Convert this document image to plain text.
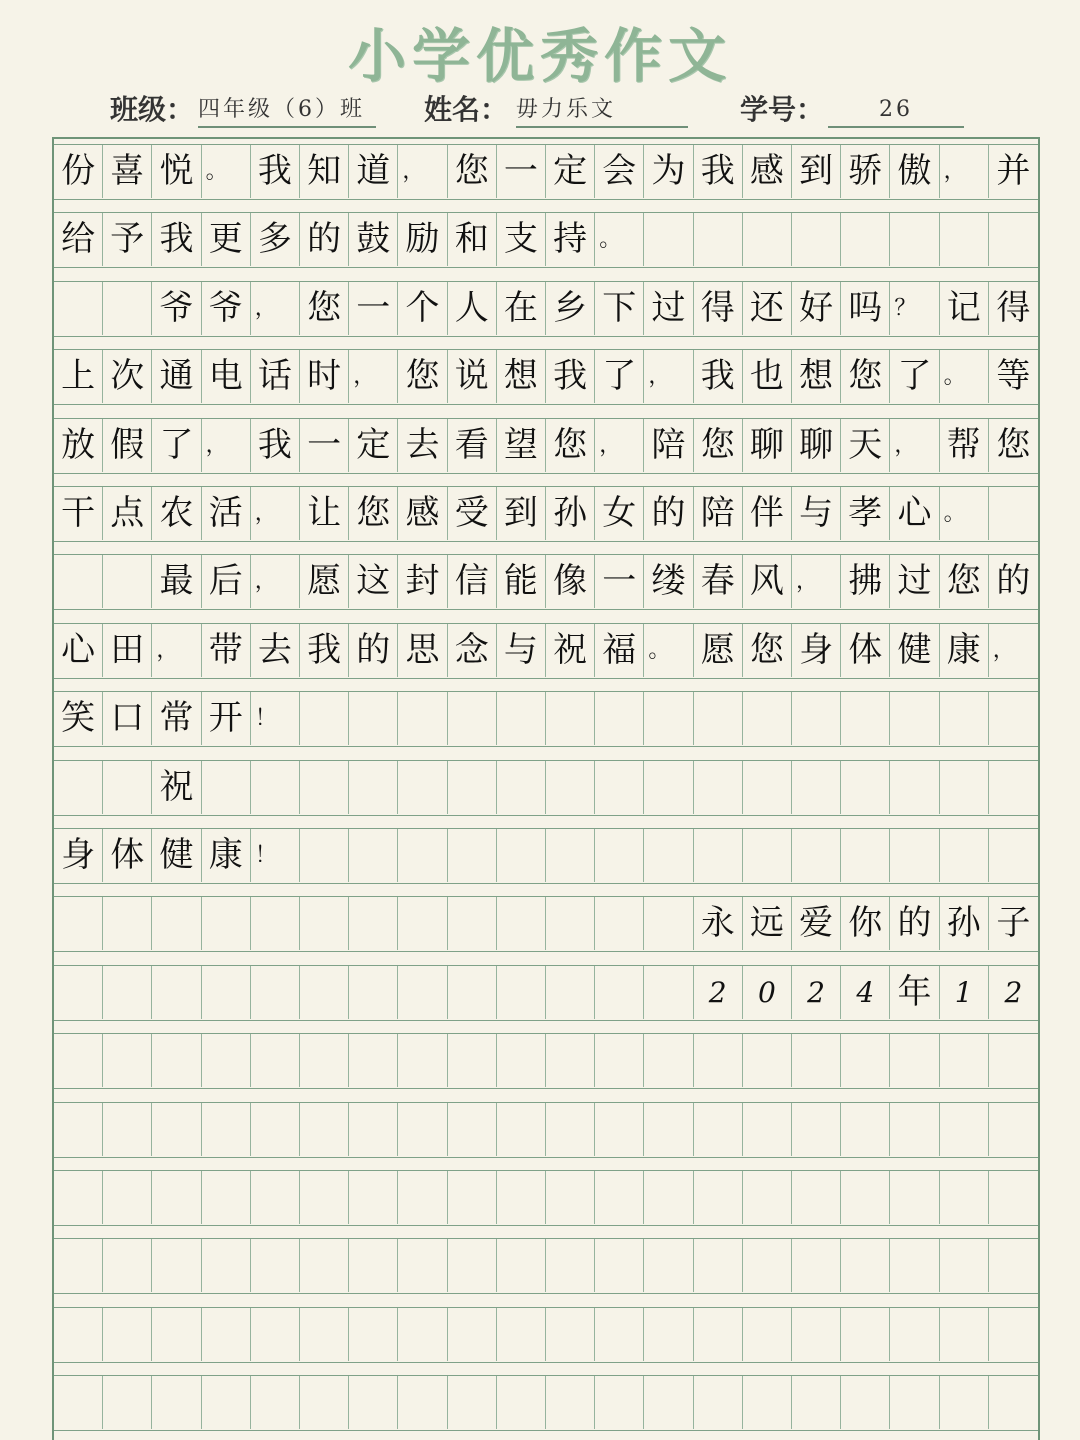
小学优秀作文
班级： 四年级（6）班	姓名： 毋力乐文	学号：	26
份 喜 悦 。 我 知 道 ， 您 一 定 会 为 我 感 到 骄 傲 ， 并
给 予 我 更 多 的 鼓 励 和 支 持 。
爷 爷 ， 您 一 个 人 在 乡 下 过 得 还 好 吗 ？ 记 得
上 次 通 电 话 时 ， 您 说 想 我 了 ， 我 也 想 您 了 。 等
放 假 了 ， 我 一 定 去 看 望 您 ， 陪 您 聊 聊 天 ， 帮 您
干 点 农 活 ， 让 您 感 受 到 孙 女 的 陪 伴 与 孝 心 。
最 后 ， 愿 这 封 信 能 像 一 缕 春 风 ， 拂 过 您 的
心 田 ， 带 去 我 的 思 念 与 祝 福 。 愿 您 身 体 健 康 ，
笑 口 常 开 ！
祝
身 体 健 康 ！
永 远 爱 你 的 孙 子
2	0	2	4 年 1	2
